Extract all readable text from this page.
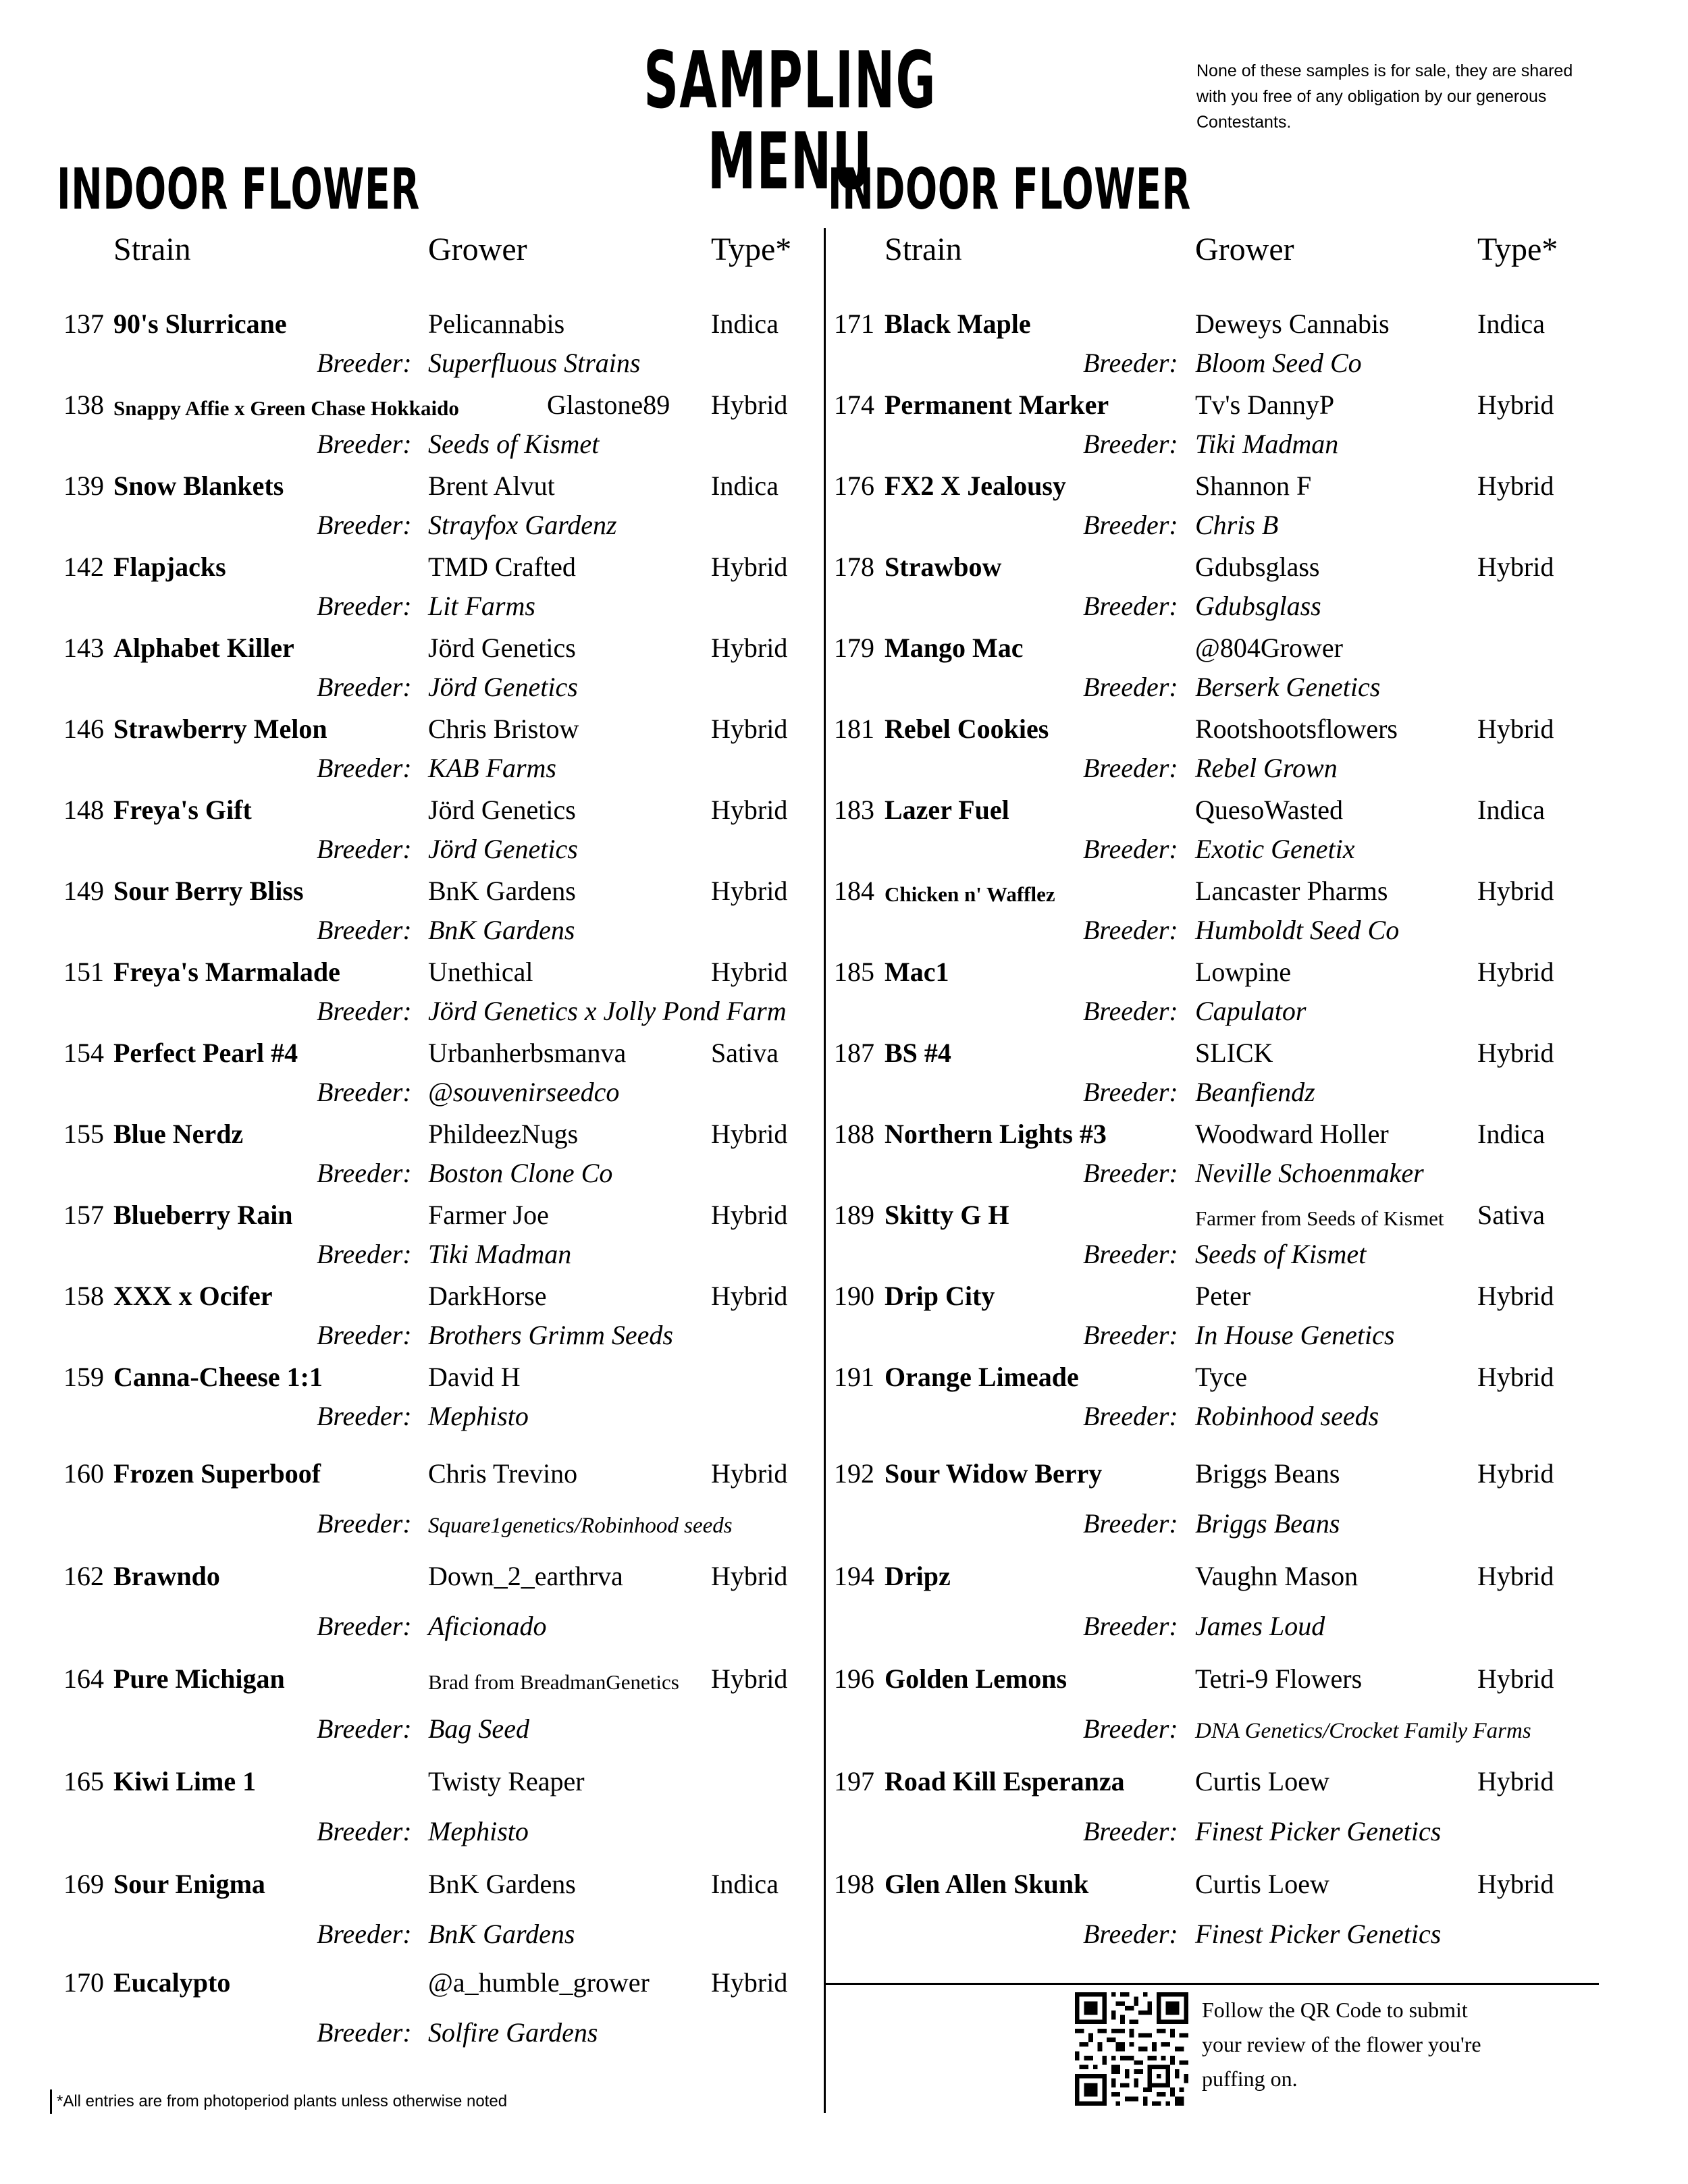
SAMPLING MENU
None of these samples is for sale, they are shared with you free of any obligation by our generous Contestants.
INDOOR FLOWER	INDOOR FLOWER
Strain	Grower	Type*	Strain	Grower	Type*
137 90's Slurricane	Pelicannabis	Indica
Breeder: Superfluous Strains
138 Snappy Affie x Green Chase Hokkaido	Glastone89 Hybrid
Breeder: Seeds of Kismet
139 Snow Blankets	Brent Alvut	Indica
Breeder: Strayfox Gardenz
142 Flapjacks	TMD Crafted	Hybrid
Breeder: Lit Farms
143 Alphabet Killer	Jörd Genetics	Hybrid
Breeder: Jörd Genetics
146 Strawberry Melon	Chris Bristow	Hybrid
Breeder: KAB Farms
148 Freya's Gift	Jörd Genetics	Hybrid
Breeder: Jörd Genetics
149 Sour Berry Bliss	BnK Gardens	Hybrid
Breeder: BnK Gardens
151 Freya's Marmalade	Unethical	Hybrid
Breeder: Jörd Genetics x Jolly Pond Farm
154 Perfect Pearl #4	Urbanherbsmanva	Sativa
Breeder: @souvenirseedco
155 Blue Nerdz	PhildeezNugs	Hybrid
Breeder: Boston Clone Co
157 Blueberry Rain	Farmer Joe	Hybrid
Breeder: Tiki Madman
158 XXX x Ocifer	DarkHorse	Hybrid
Breeder: Brothers Grimm Seeds
159 Canna-Cheese 1:1	David H
Breeder: Mephisto
160 Frozen Superboof	Chris Trevino	Hybrid
Breeder: Square1genetics/Robinhood seeds
162 Brawndo	Down_2_earthrva	Hybrid
Breeder: Aficionado
164 Pure Michigan	Brad from BreadmanGenetics Hybrid
Breeder: Bag Seed
165 Kiwi Lime 1	Twisty Reaper
Breeder: Mephisto
169 Sour Enigma	BnK Gardens	Indica
Breeder: BnK Gardens
170 Eucalypto	@a_humble_grower Hybrid
Breeder: Solfire Gardens
171 Black Maple	Deweys Cannabis	Indica
Breeder: Bloom Seed Co
174 Permanent Marker	Tv's DannyP	Hybrid
Breeder: Tiki Madman
176 FX2 X Jealousy	Shannon F	Hybrid
Breeder: Chris B
178 Strawbow	Gdubsglass	Hybrid
Breeder: Gdubsglass
179 Mango Mac	@804Grower
Breeder: Berserk Genetics
181 Rebel Cookies	Rootshootsflowers	Hybrid
Breeder: Rebel Grown
183 Lazer Fuel	QuesoWasted	Indica
Breeder: Exotic Genetix
184 Chicken n' Wafflez	Lancaster Pharms	Hybrid
Breeder: Humboldt Seed Co
185 Mac1	Lowpine	Hybrid
Breeder: Capulator
187 BS #4	SLICK	Hybrid
Breeder: Beanfiendz
188 Northern Lights #3	Woodward Holler	Indica
Breeder: Neville Schoenmaker
189 Skitty G H	Farmer from Seeds of Kismet Sativa
Breeder: Seeds of Kismet
190 Drip City	Peter	Hybrid
Breeder: In House Genetics
191 Orange Limeade	Tyce	Hybrid
Breeder: Robinhood seeds
192 Sour Widow Berry	Briggs Beans	Hybrid
Breeder: Briggs Beans
194 Dripz	Vaughn Mason	Hybrid
Breeder: James Loud
196 Golden Lemons	Tetri-9 Flowers	Hybrid
Breeder: DNA Genetics/Crocket Family Farms
197 Road Kill Esperanza	Curtis Loew	Hybrid
Breeder: Finest Picker Genetics
198 Glen Allen Skunk	Curtis Loew	Hybrid
Breeder: Finest Picker Genetics
Follow the QR Code to submit your review of the flower you're puffing on.
*All entries are from photoperiod plants unless otherwise noted
